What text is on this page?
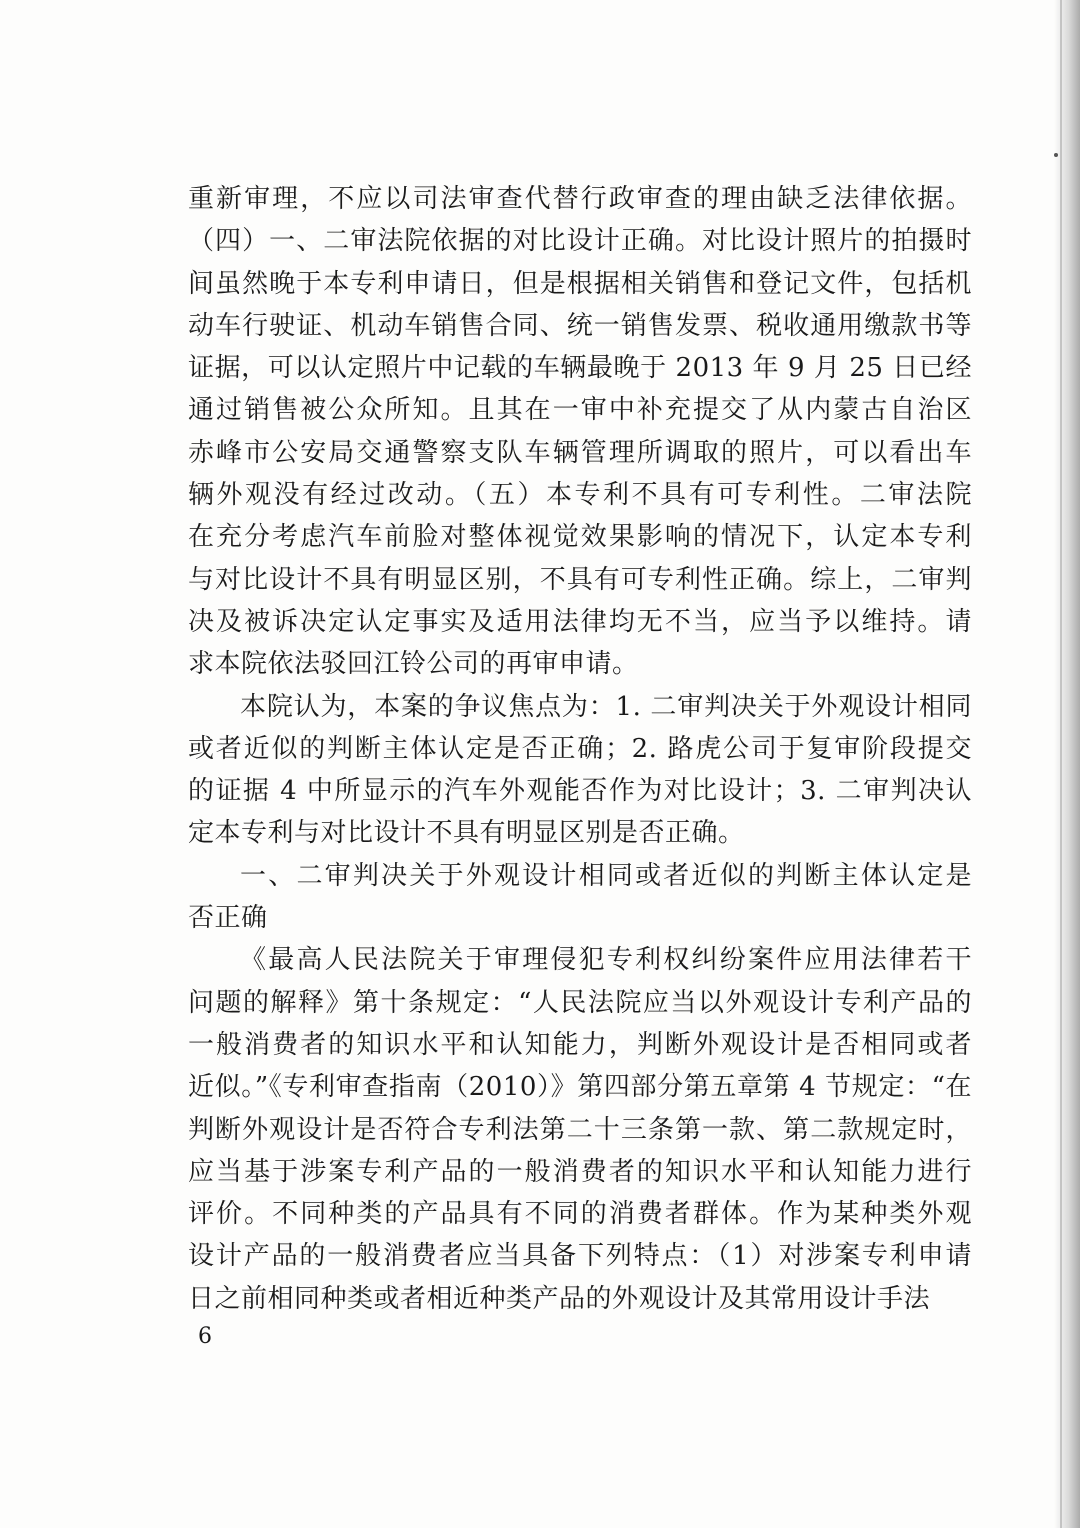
重新审理，不应以司法审查代替行政审查的理由缺乏法律依据。
（四）一、二审法院依据的对比设计正确。对比设计照片的拍摄时
间虽然晚于本专利申请日，但是根据相关销售和登记文件，包括机
动车行驶证、机动车销售合同、统一销售发票、税收通用缴款书等
证据，可以认定照片中记载的车辆最晚于 2013 年 9 月 25 日已经
通过销售被公众所知。且其在一审中补充提交了从内蒙古自治区
赤峰市公安局交通警察支队车辆管理所调取的照片，可以看出车
辆外观没有经过改动。（五）本专利不具有可专利性。二审法院
在充分考虑汽车前脸对整体视觉效果影响的情况下，认定本专利
与对比设计不具有明显区别，不具有可专利性正确。综上，二审判
决及被诉决定认定事实及适用法律均无不当，应当予以维持。请
求本院依法驳回江铃公司的再审申请。
本院认为，本案的争议焦点为：1. 二审判决关于外观设计相同
或者近似的判断主体认定是否正确；2. 路虎公司于复审阶段提交
的证据 4 中所显示的汽车外观能否作为对比设计；3. 二审判决认
定本专利与对比设计不具有明显区别是否正确。
一、二审判决关于外观设计相同或者近似的判断主体认定是
否正确
《最高人民法院关于审理侵犯专利权纠纷案件应用法律若干
问题的解释》第十条规定：“人民法院应当以外观设计专利产品的
一般消费者的知识水平和认知能力，判断外观设计是否相同或者
近似。”《专利审查指南（2010）》第四部分第五章第 4 节规定：“在
判断外观设计是否符合专利法第二十三条第一款、第二款规定时，
应当基于涉案专利产品的一般消费者的知识水平和认知能力进行
评价。不同种类的产品具有不同的消费者群体。作为某种类外观
设计产品的一般消费者应当具备下列特点：（1）对涉案专利申请
日之前相同种类或者相近种类产品的外观设计及其常用设计手法
6
